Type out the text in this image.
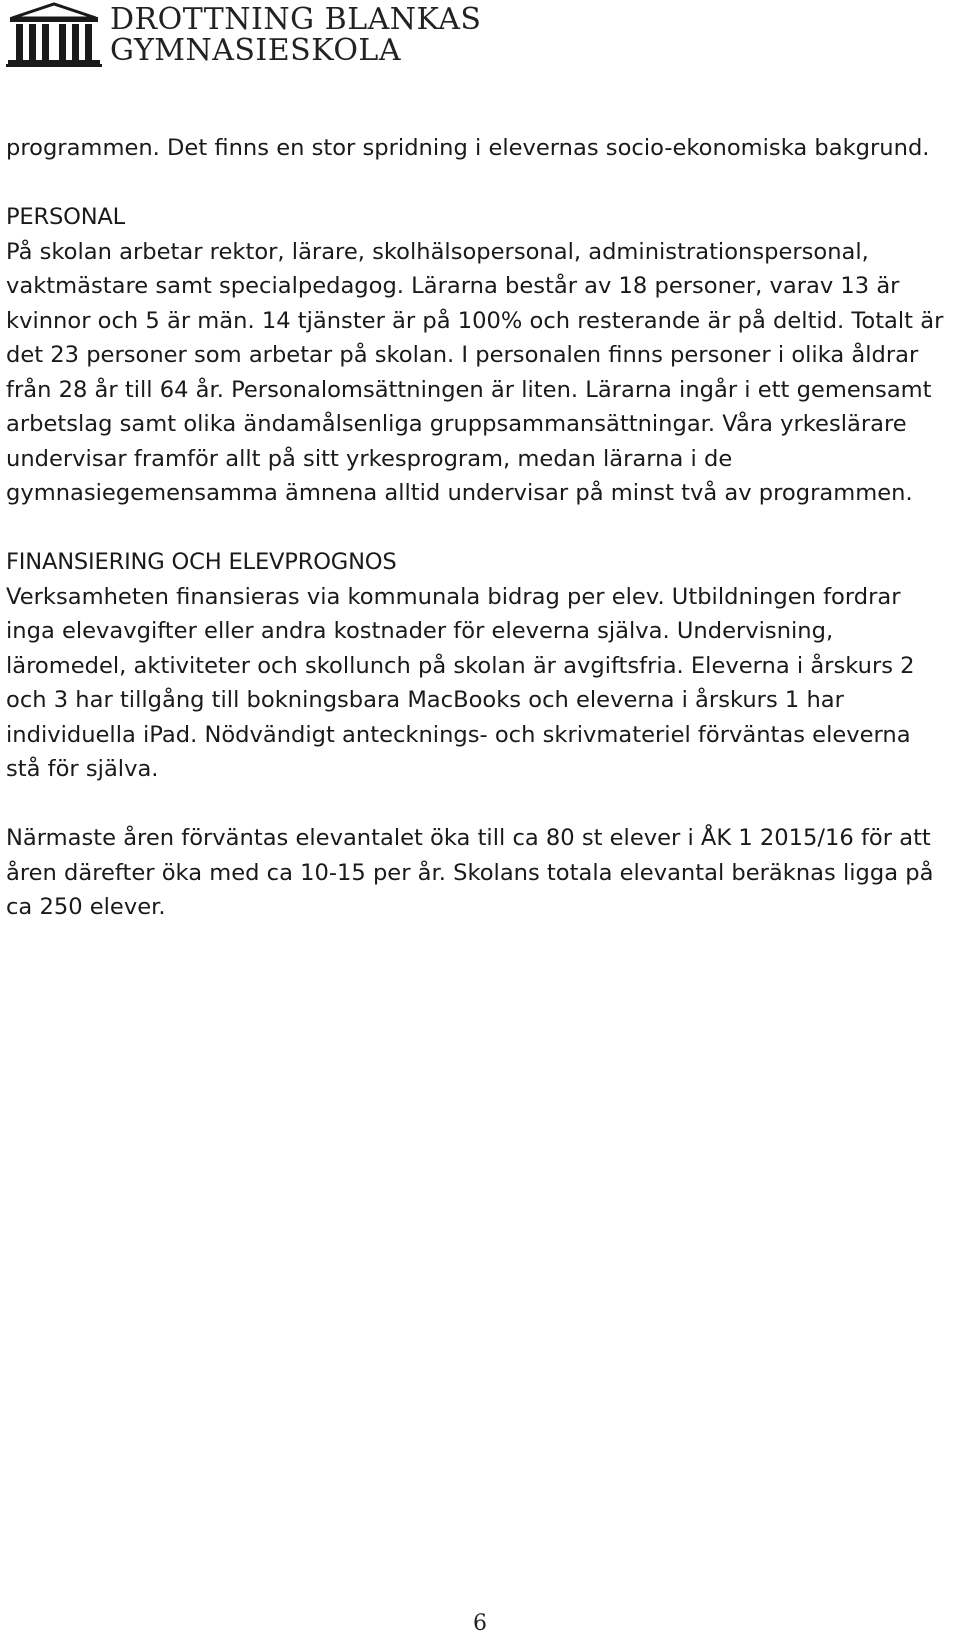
DROTTNING BLANKAS
GYMNASIESKOLA

programmen. Det finns en stor spridning i elevernas socio-ekonomiska bakgrund.

PERSONAL

På skolan arbetar rektor, lärare, skolhälsopersonal, administrationspersonal, vaktmästare samt specialpedagog. Lärarna består av 18 personer, varav 13 är kvinnor och 5 är män. 14 tjänster är på 100% och resterande är på deltid. Totalt är det 23 personer som arbetar på skolan. I personalen finns personer i olika åldrar från 28 år till 64 år. Personalomsättningen är liten. Lärarna ingår i ett gemensamt arbetslag samt olika ändamålsenliga gruppsammansättningar. Våra yrkeslärare undervisar framför allt på sitt yrkesprogram, medan lärarna i de gymnasiegemensamma ämnena alltid undervisar på minst två av programmen.

FINANSIERING OCH ELEVPROGNOS

Verksamheten finansieras via kommunala bidrag per elev. Utbildningen fordrar inga elevavgifter eller andra kostnader för eleverna själva. Undervisning, läromedel, aktiviteter och skollunch på skolan är avgiftsfria. Eleverna i årskurs 2 och 3 har tillgång till bokningsbara MacBooks och eleverna i årskurs 1 har individuella iPad. Nödvändigt antecknings- och skrivmateriel förväntas eleverna stå för själva.

Närmaste åren förväntas elevantalet öka till ca 80 st elever i ÅK 1 2015/16 för att åren därefter öka med ca 10-15 per år. Skolans totala elevantal beräknas ligga på ca 250 elever.

6
